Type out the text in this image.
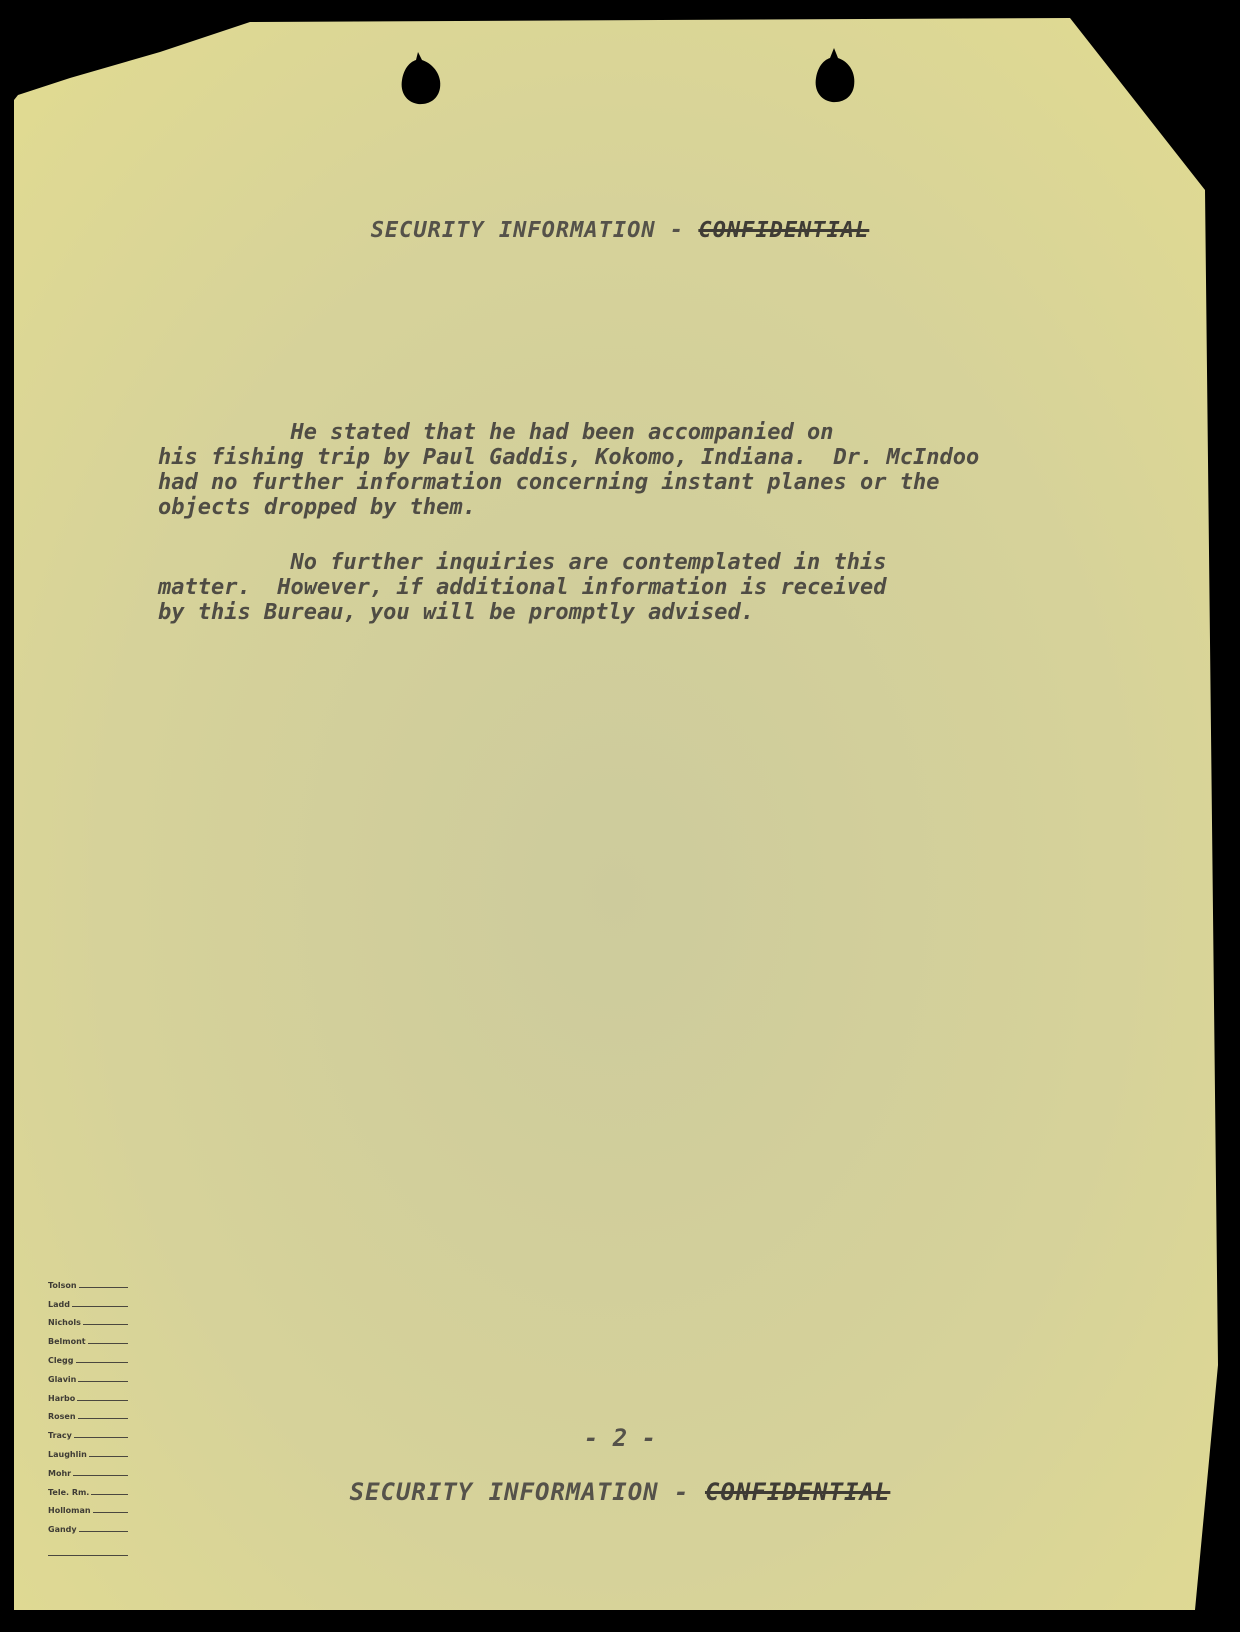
SECURITY INFORMATION - CONFIDENTIAL
He stated that he had been accompanied on
his fishing trip by Paul Gaddis, Kokomo, Indiana.  Dr. McIndoo
had no further information concerning instant planes or the
objects dropped by them.
No further inquiries are contemplated in this
matter.  However, if additional information is received
by this Bureau, you will be promptly advised.
Tolson
Ladd
Nichols
Belmont
Clegg
Glavin
Harbo
Rosen
Tracy
Laughlin
Mohr
Tele. Rm.
Holloman
Gandy
- 2 -
SECURITY INFORMATION - CONFIDENTIAL
